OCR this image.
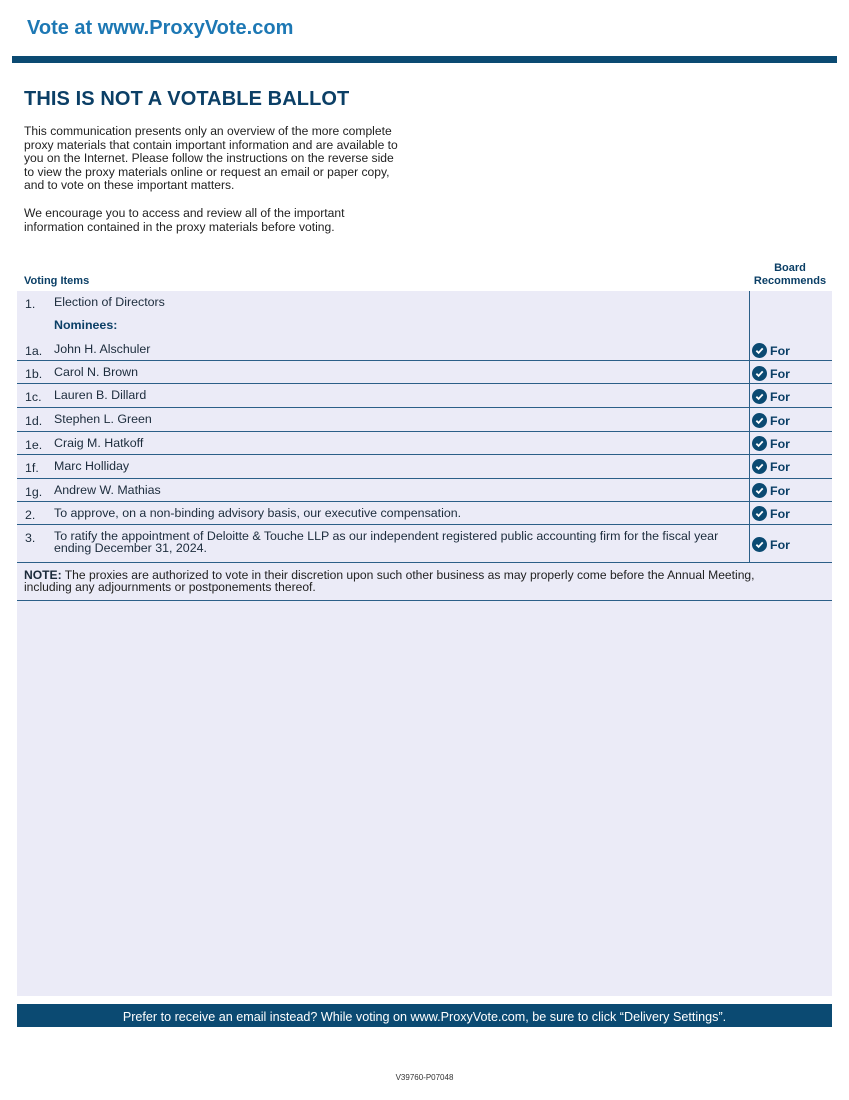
Vote at www.ProxyVote.com
THIS IS NOT A VOTABLE BALLOT

This communication presents only an overview of the more complete proxy materials that contain important information and are available to you on the Internet. Please follow the instructions on the reverse side to view the proxy materials online or request an email or paper copy, and to vote on these important matters.

We encourage you to access and review all of the important information contained in the proxy materials before voting.

Voting Items
Board
Recommends
1. Election of Directors
Nominees:
1a. John H. Alschuler	For
1b. Carol N. Brown	For
1c. Lauren B. Dillard	For
1d. Stephen L. Green	For
1e. Craig M. Hatkoff	For
1f. Marc Holliday	For
1g. Andrew W. Mathias	For
2. To approve, on a non-binding advisory basis, our executive compensation.	For
3. To ratify the appointment of Deloitte & Touche LLP as our independent registered public accounting firm for the fiscal year ending December 31, 2024.	For
NOTE: The proxies are authorized to vote in their discretion upon such other business as may properly come before the Annual Meeting, including any adjournments or postponements thereof.
Prefer to receive an email instead? While voting on www.ProxyVote.com, be sure to click “Delivery Settings”.
V39760-P07048
